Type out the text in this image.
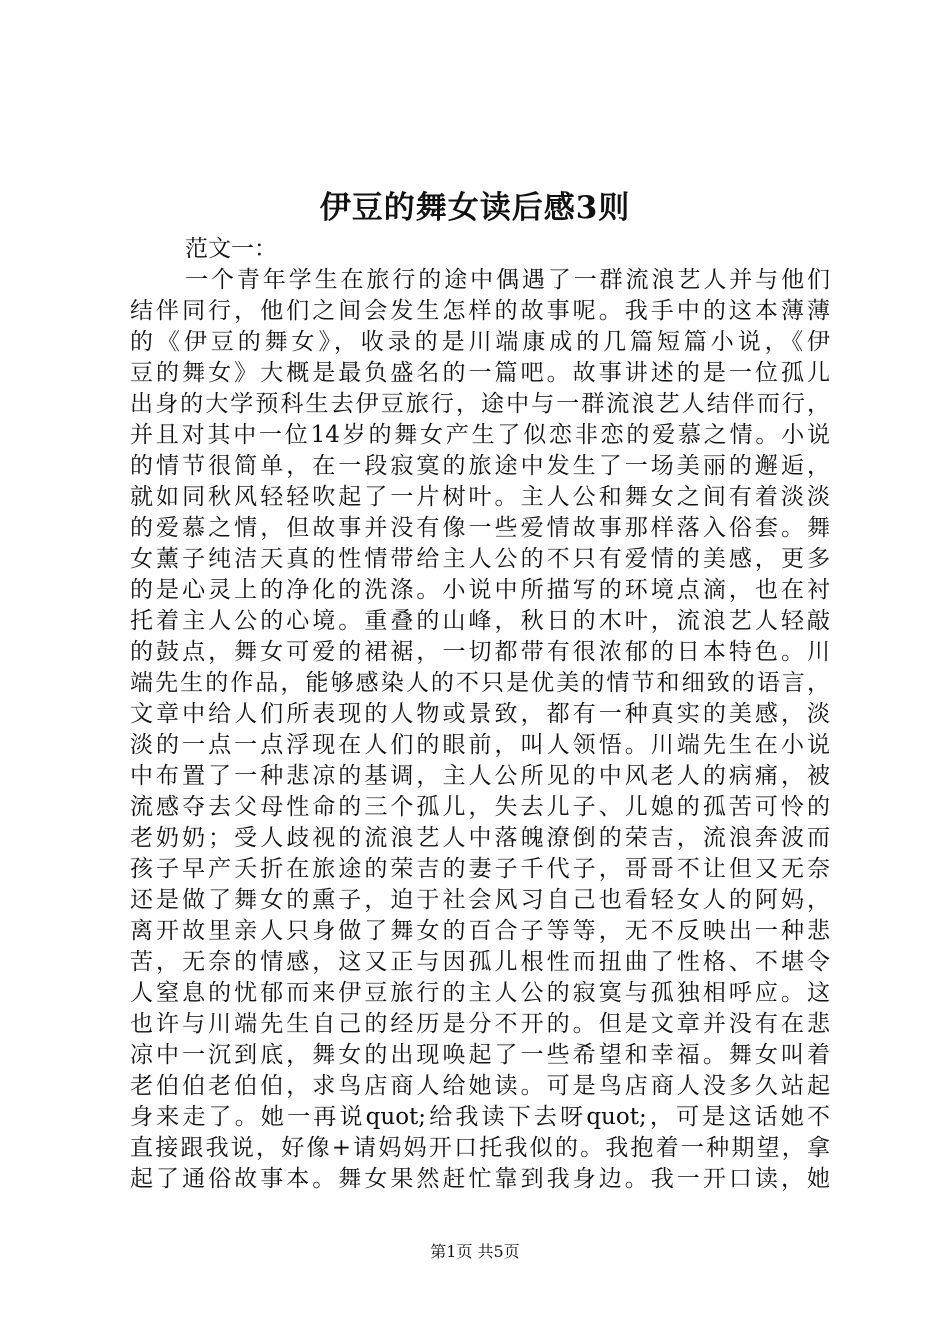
伊豆的舞女读后感3则
范文一：
一个青年学生在旅行的途中偶遇了一群流浪艺人并与他们
结伴同行，他们之间会发生怎样的故事呢。我手中的这本薄薄
的《伊豆的舞女》，收录的是川端康成的几篇短篇小说，《伊
豆的舞女》大概是最负盛名的一篇吧。故事讲述的是一位孤儿
出身的大学预科生去伊豆旅行，途中与一群流浪艺人结伴而行，
并且对其中一位14岁的舞女产生了似恋非恋的爱慕之情。小说
的情节很简单，在一段寂寞的旅途中发生了一场美丽的邂逅，
就如同秋风轻轻吹起了一片树叶。主人公和舞女之间有着淡淡
的爱慕之情，但故事并没有像一些爱情故事那样落入俗套。舞
女薰子纯洁天真的性情带给主人公的不只有爱情的美感，更多
的是心灵上的净化的洗涤。小说中所描写的环境点滴，也在衬
托着主人公的心境。重叠的山峰，秋日的木叶，流浪艺人轻敲
的鼓点，舞女可爱的裙裾，一切都带有很浓郁的日本特色。川
端先生的作品，能够感染人的不只是优美的情节和细致的语言，
文章中给人们所表现的人物或景致，都有一种真实的美感，淡
淡的一点一点浮现在人们的眼前，叫人领悟。川端先生在小说
中布置了一种悲凉的基调，主人公所见的中风老人的病痛，被
流感夺去父母性命的三个孤儿，失去儿子、儿媳的孤苦可怜的
老奶奶；受人歧视的流浪艺人中落魄潦倒的荣吉，流浪奔波而
孩子早产夭折在旅途的荣吉的妻子千代子，哥哥不让但又无奈
还是做了舞女的熏子，迫于社会风习自己也看轻女人的阿妈，
离开故里亲人只身做了舞女的百合子等等，无不反映出一种悲
苦，无奈的情感，这又正与因孤儿根性而扭曲了性格、不堪令
人窒息的忧郁而来伊豆旅行的主人公的寂寞与孤独相呼应。这
也许与川端先生自己的经历是分不开的。但是文章并没有在悲
凉中一沉到底，舞女的出现唤起了一些希望和幸福。舞女叫着
老伯伯老伯伯，求鸟店商人给她读。可是鸟店商人没多久站起
身来走了。她一再说quot;给我读下去呀quot;，可是这话她不
直接跟我说，好像+请妈妈开口托我似的。我抱着一种期望，拿
起了通俗故事本。舞女果然赶忙靠到我身边。我一开口读，她
第1页 共5页
